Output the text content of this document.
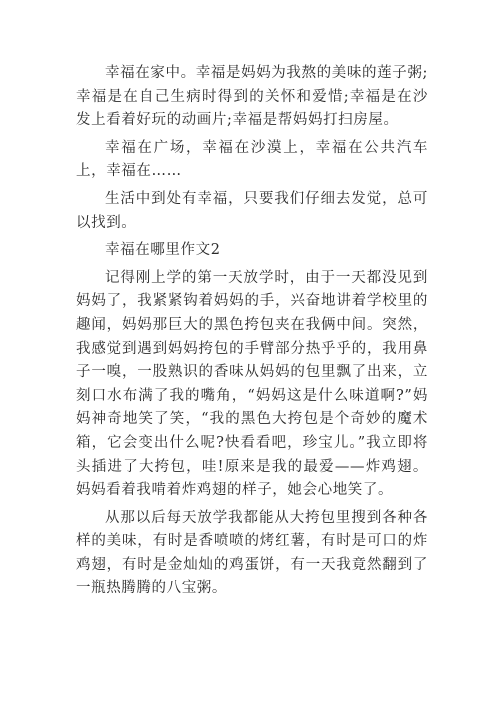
幸福在家中。幸福是妈妈为我熬的美味的莲子粥;幸福是在自己生病时得到的关怀和爱惜;幸福是在沙发上看着好玩的动画片;幸福是帮妈妈打扫房屋。

幸福在广场，幸福在沙漠上，幸福在公共汽车上，幸福在……

生活中到处有幸福，只要我们仔细去发觉，总可以找到。

幸福在哪里作文2

记得刚上学的第一天放学时，由于一天都没见到妈妈了，我紧紧钩着妈妈的手，兴奋地讲着学校里的趣闻，妈妈那巨大的黑色挎包夹在我俩中间。突然，我感觉到遇到妈妈挎包的手臂部分热乎乎的，我用鼻子一嗅，一股熟识的香味从妈妈的包里飘了出来，立刻口水布满了我的嘴角，“妈妈这是什么味道啊?”妈妈神奇地笑了笑，“我的黑色大挎包是个奇妙的魔术箱，它会变出什么呢?快看看吧，珍宝儿。”我立即将头插进了大挎包，哇!原来是我的最爱——炸鸡翅。妈妈看着我啃着炸鸡翅的样子，她会心地笑了。

从那以后每天放学我都能从大挎包里搜到各种各样的美味，有时是香喷喷的烤红薯，有时是可口的炸鸡翅，有时是金灿灿的鸡蛋饼，有一天我竟然翻到了一瓶热腾腾的八宝粥。
